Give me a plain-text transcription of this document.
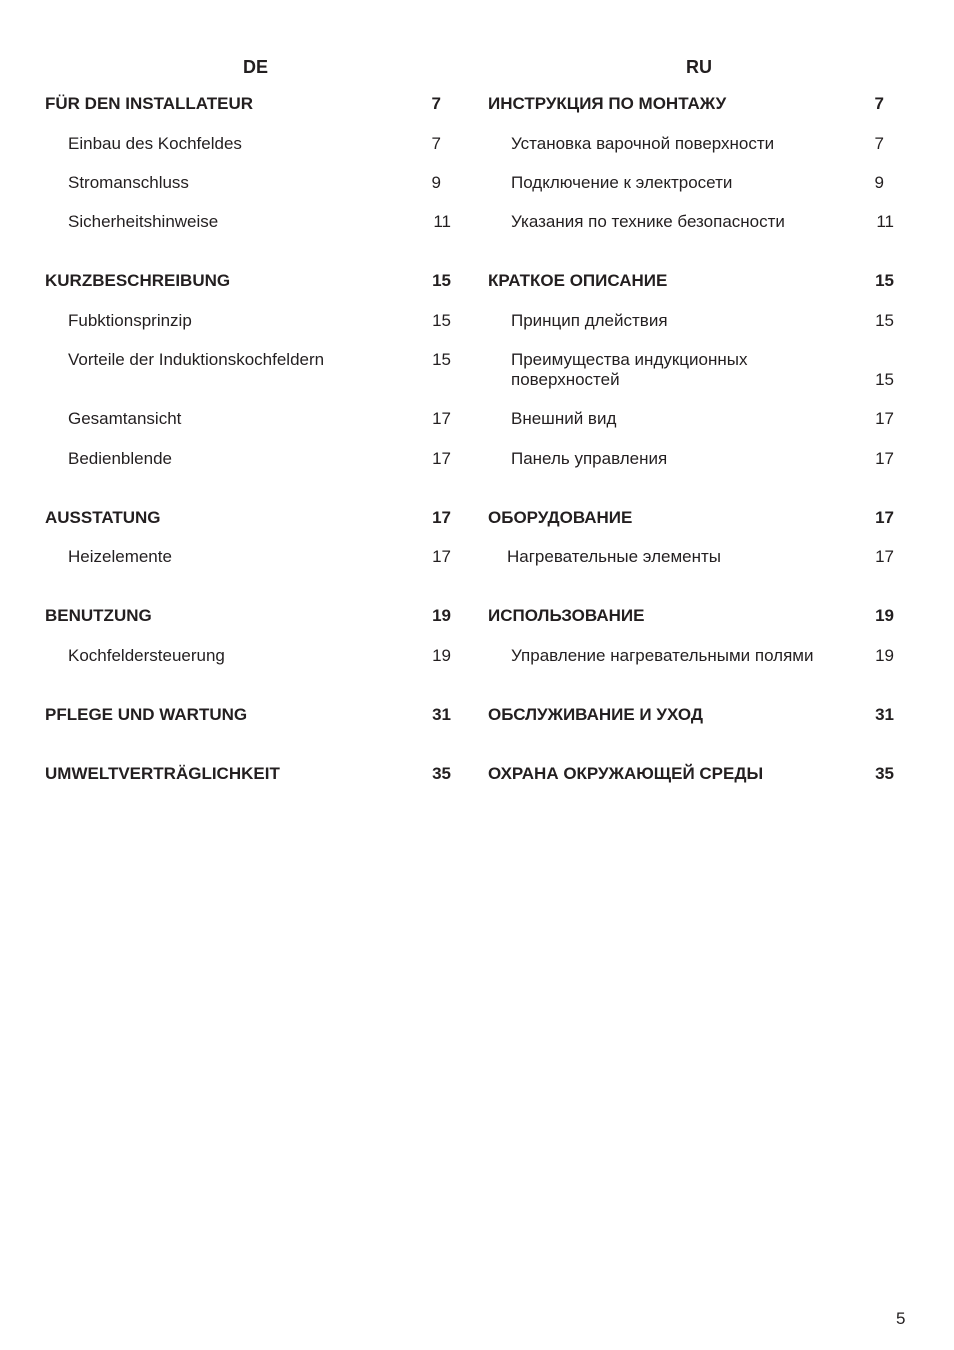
DE
FÜR DEN INSTALLATEUR	7
Einbau des Kochfeldes	7
Stromanschluss	9
Sicherheitshinweise	11
KURZBESCHREIBUNG	15
Fubktionsprinzip	15
Vorteile der Induktionskochfeldern	15
Gesamtansicht	17
Bedienblende	17
AUSSTATUNG	17
Heizelemente	17
BENUTZUNG	19
Kochfeldersteuerung	19
PFLEGE UND WARTUNG	31
UMWELTVERTRÄGLICHKEIT	35
RU
ИНСТРУКЦИЯ ПО МОНТАЖУ	7
Установка варочной поверхности	7
Подключение к электросети	9
Указания по технике безопасности	11
КРАТКОЕ ОПИСАНИЕ	15
Принцип длействия	15
Преимущества индукционных поверхностей	15
Внешний вид	17
Панель управления	17
ОБОРУДОВАНИЕ	17
Нагревательные элементы	17
ИСПОЛЬЗОВАНИЕ	19
Управление нагревательными полями	19
ОБСЛУЖИВАНИЕ И УХОД	31
ОХРАНА ОКРУЖАЮЩЕЙ СРЕДЫ	35
5
